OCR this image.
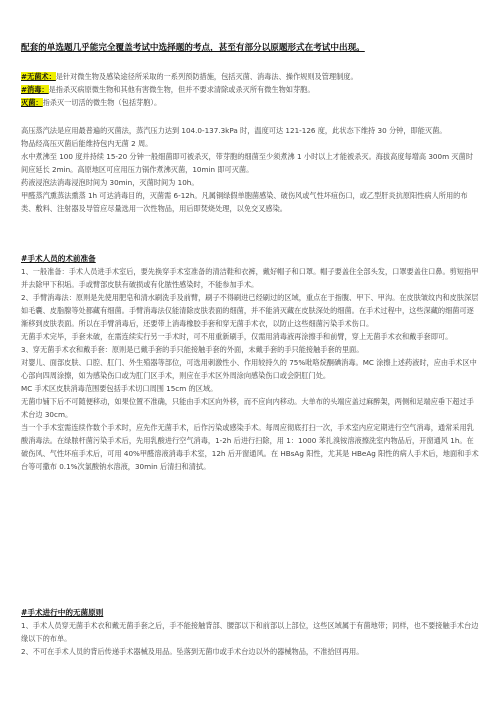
配套的单选题几乎能完全覆盖考试中选择题的考点，甚至有部分以原题形式在考试中出现。

#无菌术：是针对微生物及感染途径所采取的一系列预防措施，包括灭菌、消毒法、操作规则及管理制度。

#消毒：是指杀灭病原微生物和其他有害微生物，但并不要求清除或杀灭所有微生物如芽胞。

灭菌：指杀灭一切活的微生物（包括芽胞）。

高压蒸汽法是应用最普遍的灭菌法，蒸汽压力达到 104.0-137.3kPa 时，温度可达 121-126 度，此状态下维持 30 分钟，即能灭菌。

物品经高压灭菌后能维持包内无菌 2 周。

水中煮沸至 100 度并持续 15-20 分钟一般细菌即可被杀灭，带芽胞的细菌至少须煮沸 1 小时以上才能被杀灭。海拔高度每增高 300m 灭菌时间应延长 2min。高原地区可应用压力锅作煮沸灭菌，10min 即可灭菌。

药液浸泡法消毒浸泡时间为 30min，灭菌时间为 10h。

甲醛蒸汽熏蒸法熏蒸 1h 可达消毒目的，灭菌需 6-12h。凡属铜绿假单胞菌感染、破伤风或气性坏疽伤口，或乙型肝炎抗原阳性病人所用的布类、敷料、注射器及导管应尽量选用一次性物品，用后即焚烧处理，以免交叉感染。

#手术人员的术前准备

1、一般准备：手术人员进手术室后，要先换穿手术室准备的清洁鞋和衣裤，戴好帽子和口罩。帽子要盖住全部头发，口罩要盖住口鼻。剪短指甲并去除甲下积垢。手或臂部皮肤有破损或有化脓性感染时，不能参加手术。

2、手臂消毒法：原则是先使用肥皂和清水刷洗手及前臂，刷子不得刷进已经刷过的区域，重点在于指腹、甲下、甲沟。在皮肤皱纹内和皮肤深层如毛囊、皮脂腺等处都藏有细菌。手臂消毒法仅能清除皮肤表面的细菌，并不能消灭藏在皮肤深处的细菌。在手术过程中，这些深藏的细菌可逐渐移到皮肤表面。所以在手臂消毒后，还要带上消毒橡胶手套和穿无菌手术衣，以防止这些细菌污染手术伤口。

无菌手术完毕，手套未破，在需连续实行另一手术时，可不用重新刷手，仅需用消毒液再涂擦手和前臂，穿上无菌手术衣和戴手套即可。

3、穿无菌手术衣和戴手套：原则是已戴手套的手只能接触手套的外面，未戴手套的手只能接触手套的里面。

对婴儿、面部皮肤、口腔、肛门、外生殖器等部位，可选用刺激性小、作用较持久的 75%吡咯烷酮碘消毒。MC 涂擦上述药液时，应由手术区中心部向四周涂擦，如为感染伤口或为肛门区手术，则应在手术区外周涂向感染伤口或会阴肛门处。

MC 手术区皮肤消毒范围要包括手术切口周围 15cm 的区域。

无菌巾铺下后不可随便移动，如果位置不准确，只能由手术区向外移，而不应向内移动。大单布的头端应盖过麻醉架，两侧和足端应垂下超过手术台边 30cm。

当一个手术室需连续作数个手术时，应先作无菌手术，后作污染或感染手术。每周应彻底打扫一次，手术室内应定期进行空气消毒，通常采用乳酸消毒法。在绿脓杆菌污染手术后，先用乳酸进行空气消毒，1-2h 后进行扫除，用 1：1000 苯扎溴铵溶液擦洗室内物品后，开窗通风 1h。在破伤风、气性坏疽手术后，可用 40%甲醛溶液消毒手术室，12h 后开窗通风。在 HBsAg 阳性，尤其是 HBeAg 阳性的病人手术后，地面和手术台等可撒布 0.1%次氯酸钠水溶液，30min 后清扫和清拭。

#手术进行中的无菌原则

1、手术人员穿无菌手术衣和戴无菌手套之后，手不能接触背部、腰部以下和前部以上部位，这些区域属于有菌地带；同样，也不要接触手术台边缘以下的布单。

2、不可在手术人员的背后传递手术器械及用品。坠落到无菌巾或手术台边以外的器械物品，不准拾回再用。
